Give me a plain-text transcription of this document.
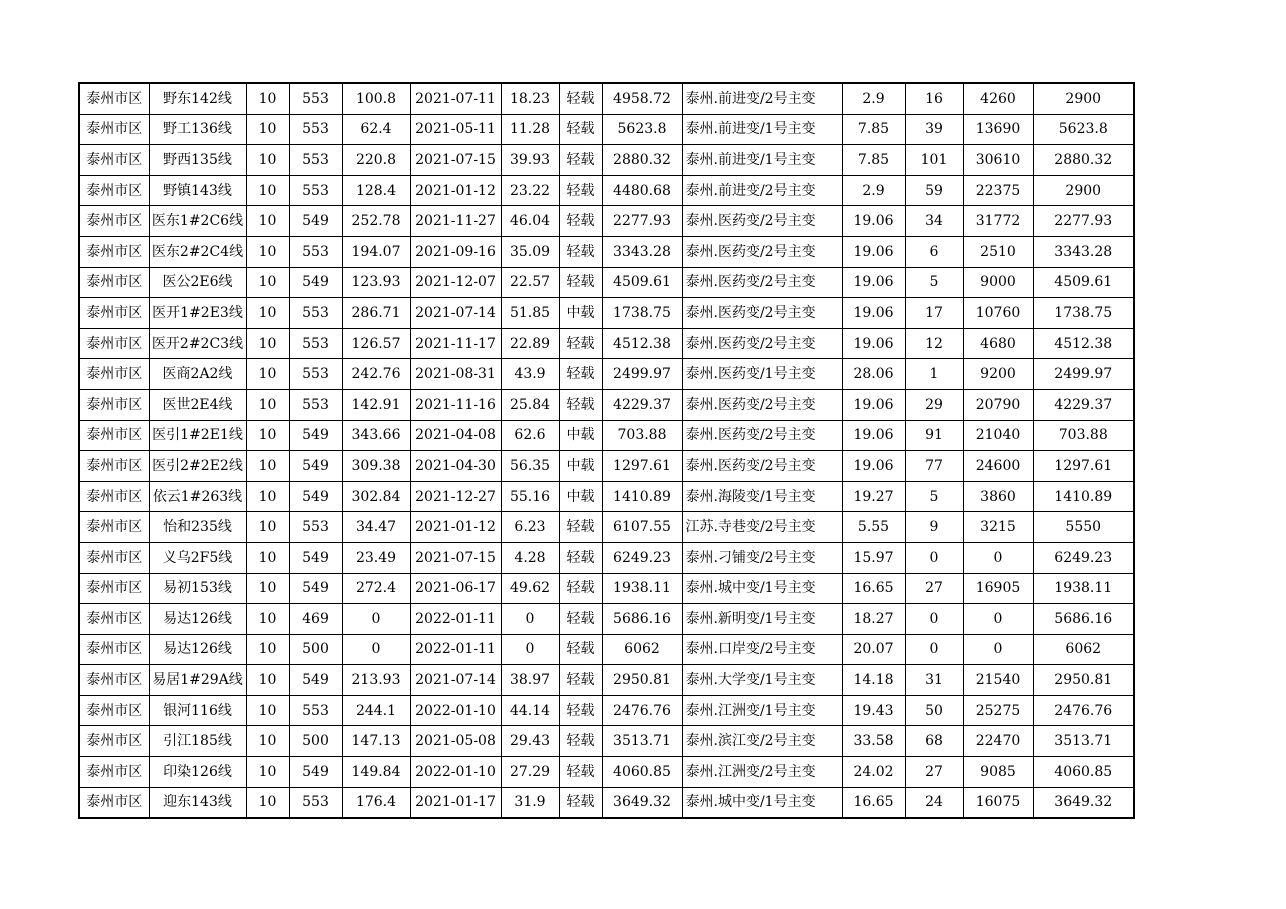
泰州市区	野东142线	10	553	100.8	2021-07-11	18.23	轻载	4958.72	泰州.前进变/2号主变	2.9	16	4260	2900
泰州市区	野工136线	10	553	62.4	2021-05-11	11.28	轻载	5623.8	泰州.前进变/1号主变	7.85	39	13690	5623.8
泰州市区	野西135线	10	553	220.8	2021-07-15	39.93	轻载	2880.32	泰州.前进变/1号主变	7.85	101	30610	2880.32
泰州市区	野镇143线	10	553	128.4	2021-01-12	23.22	轻载	4480.68	泰州.前进变/2号主变	2.9	59	22375	2900
泰州市区	医东1#2C6线	10	549	252.78	2021-11-27	46.04	轻载	2277.93	泰州.医药变/2号主变	19.06	34	31772	2277.93
泰州市区	医东2#2C4线	10	553	194.07	2021-09-16	35.09	轻载	3343.28	泰州.医药变/2号主变	19.06	6	2510	3343.28
泰州市区	医公2E6线	10	549	123.93	2021-12-07	22.57	轻载	4509.61	泰州.医药变/2号主变	19.06	5	9000	4509.61
泰州市区	医开1#2E3线	10	553	286.71	2021-07-14	51.85	中载	1738.75	泰州.医药变/2号主变	19.06	17	10760	1738.75
泰州市区	医开2#2C3线	10	553	126.57	2021-11-17	22.89	轻载	4512.38	泰州.医药变/2号主变	19.06	12	4680	4512.38
泰州市区	医商2A2线	10	553	242.76	2021-08-31	43.9	轻载	2499.97	泰州.医药变/1号主变	28.06	1	9200	2499.97
泰州市区	医世2E4线	10	553	142.91	2021-11-16	25.84	轻载	4229.37	泰州.医药变/2号主变	19.06	29	20790	4229.37
泰州市区	医引1#2E1线	10	549	343.66	2021-04-08	62.6	中载	703.88	泰州.医药变/2号主变	19.06	91	21040	703.88
泰州市区	医引2#2E2线	10	549	309.38	2021-04-30	56.35	中载	1297.61	泰州.医药变/2号主变	19.06	77	24600	1297.61
泰州市区	依云1#263线	10	549	302.84	2021-12-27	55.16	中载	1410.89	泰州.海陵变/1号主变	19.27	5	3860	1410.89
泰州市区	怡和235线	10	553	34.47	2021-01-12	6.23	轻载	6107.55	江苏.寺巷变/2号主变	5.55	9	3215	5550
泰州市区	义乌2F5线	10	549	23.49	2021-07-15	4.28	轻载	6249.23	泰州.刁铺变/2号主变	15.97	0	0	6249.23
泰州市区	易初153线	10	549	272.4	2021-06-17	49.62	轻载	1938.11	泰州.城中变/1号主变	16.65	27	16905	1938.11
泰州市区	易达126线	10	469	0	2022-01-11	0	轻载	5686.16	泰州.新明变/1号主变	18.27	0	0	5686.16
泰州市区	易达126线	10	500	0	2022-01-11	0	轻载	6062	泰州.口岸变/2号主变	20.07	0	0	6062
泰州市区	易居1#29A线	10	549	213.93	2021-07-14	38.97	轻载	2950.81	泰州.大学变/1号主变	14.18	31	21540	2950.81
泰州市区	银河116线	10	553	244.1	2022-01-10	44.14	轻载	2476.76	泰州.江洲变/1号主变	19.43	50	25275	2476.76
泰州市区	引江185线	10	500	147.13	2021-05-08	29.43	轻载	3513.71	泰州.滨江变/2号主变	33.58	68	22470	3513.71
泰州市区	印染126线	10	549	149.84	2022-01-10	27.29	轻载	4060.85	泰州.江洲变/2号主变	24.02	27	9085	4060.85
泰州市区	迎东143线	10	553	176.4	2021-01-17	31.9	轻载	3649.32	泰州.城中变/1号主变	16.65	24	16075	3649.32
